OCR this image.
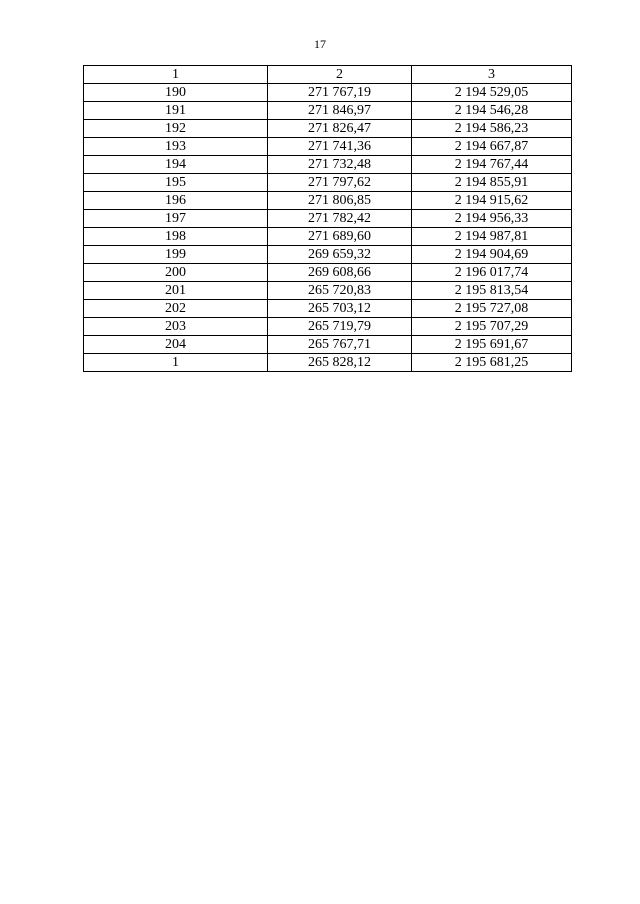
17
1	2	3
190	271 767,19	2 194 529,05
191	271 846,97	2 194 546,28
192	271 826,47	2 194 586,23
193	271 741,36	2 194 667,87
194	271 732,48	2 194 767,44
195	271 797,62	2 194 855,91
196	271 806,85	2 194 915,62
197	271 782,42	2 194 956,33
198	271 689,60	2 194 987,81
199	269 659,32	2 194 904,69
200	269 608,66	2 196 017,74
201	265 720,83	2 195 813,54
202	265 703,12	2 195 727,08
203	265 719,79	2 195 707,29
204	265 767,71	2 195 691,67
1	265 828,12	2 195 681,25
